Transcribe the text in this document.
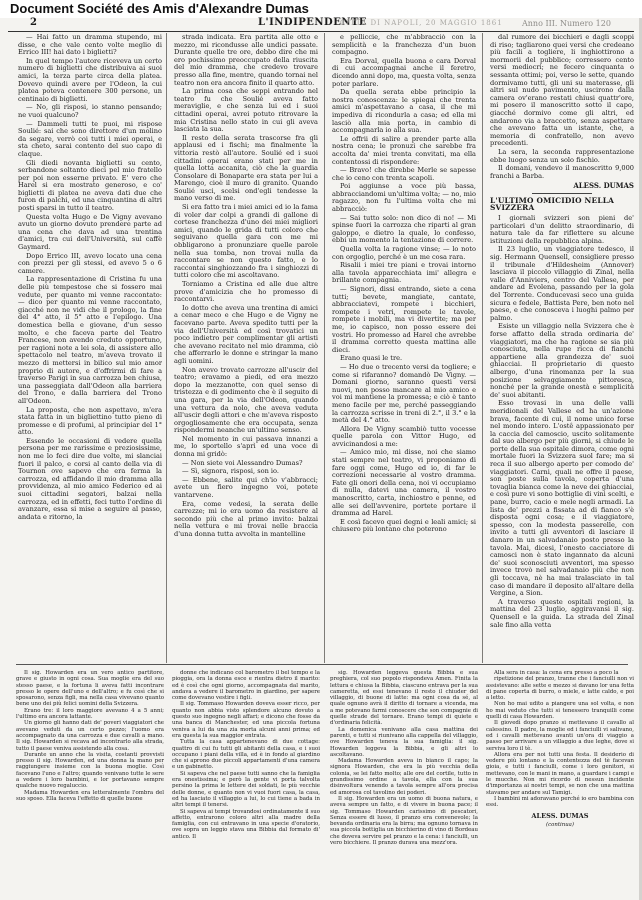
Document Société des Amis d'Alexandre Dumas
2	L'INDIPENDENTE
CITTÀ DI NAPOLI, 20 MAGGIO 1861 Anno III. Numero 120

— Hai fatto un dramma stupendo, mi disse, e che vale cento volte meglio di Errico III! hai dato i biglietti?

In quel tempo l'autore riceveva un certo numero di biglietti che distribuiva ai suoi amici, la terza parte circa della platea. Dovevo quindi avere per l'Odeon, la cui platea poteva contenere 300 persone, un centinaio di biglietti.

— No, gli risposi, io stanno pensando; ne vuoi qualcuno?

— Dammeli tutti te puoi, mi rispose Soulié: sai che sono direttore d'un molino da segare, verrò coi tutti i miei operai, e sta cheto, sarai contento del suo capo di claque.

Gli diedi novanta biglietti su cento, serbandone soltanto dieci pel mio fratello per poi non esserne privato. E' vero che Harel si era mostrato generoso, e co' biglietti di platea ne aveva dati due che furon di palchi, ed una cinquantina di altri posti sparsi in tutto il teatro.

Questa volta Hugo e De Vigny avevano avuto un giorno dovuto prendere parte ad una cena che dava ad una trentina d'amici, tra cui dell'Università, sul caffè Gaymard.

Dopo Errico III, avevo locato una cena con prezzi per gli stessi, ed avevo 5 o 6 camere.

La rappresentazione di Cristina fu una delle più tempestose che si fossero mai vedute, per quanto mi venne raccontato: — dico per quanto mi venne raccontato, giacché non ne vidi che il prologo, la fine del 4° atto, il 5° atto e l'epilogo. Una domestica bella e giovane, d'un sesso molto, e che faceva parte del Teatro Francese, non avendo creduto opportuno, per ragioni note a lei sola, di assistere allo spettacolo nel teatro, m'aveva trovato il mezzo di mettersi in bilico sul mio amor proprio di autore, e d'offrirmi di fare a traverso Parigi in sua carrozza ben chiusa, una passeggiata dall'Odeon alla barriera del Trono, e dalla barriera del Trono all'Odeon.

La proposta, che non aspettavo, m'era stata fatta in un bigliettino tutto pieno di promesse e di profumi, al principiar del 1° atto.

Essendo le occasioni di vedere quella persona per me rarissime e preziosissime, non me lo feci dire due volte, mi slanciai fuori il palco, e corsi al canto della via di Tournon ove sapevo che era ferma la carrozza, ed affidando il mio dramma alla provvidenza, al mio amico Federico ed ai suoi cittadini segatori, balzai nella carrozza, ed in effetti, feci tutto l'ordine di avanzare, essa si mise a seguire al passo, andata e ritorno, la

strada indicata. Era partita alle otto e mezzo, mi ricondusse alle undici passate. Durante quelle tre ore, debbo dire che mi ero pochissimo preoccupato della riuscita del mio dramma, che credevo trovare presso alla fine, mentre, quando tornai nel teatro non era ancora finito il quarto atto.

La prima cosa che seppi entrando nel teatro fu che Soulié aveva fatto meraviglie, e che senza lui ed i suoi cittadini operai, avrei potuto ritrovare la mia Cristina nello stato in cui gli aveva lasciata la sua.

Il resto della serata trascorse fra gli applausi ed i fischi; ma finalmente la vittoria restò all'autore. Soulié ed i suoi cittadini operai erano stati per me in quella lotta accanita, ciò che la guardia Consolare di Bonaparte era stata per lui a Marengo, cioè il muro di granito. Quando Soulié usci, scelsi ond'egli tendesse la mano verso di me.

Si era fatto tra i miei amici ed io la fama di voler dar colpi a grandi di gallone di cortese franchezza d'uno dei miei migliori amici, quando le grida di tutti coloro che seguivano quella gara con me mi obbligarono a pronunziare quelle parole nella sua tomba, non trovai nulla da raccontare se non questo fatto, e lo raccontai singhiozzando fra i singhiozzi di tutti coloro che mi ascoltavano.

Torniamo a Cristina ed alle due altre prove d'amicizia che ho promesso di raccontarvi.

Io dotto che aveva una trentina di amici a cenar meco e che Hugo e de Vigny ne facevano parte. Aveva spedito tutti per la via dell'Università ed così trovatici un poco indietro per complimentar gli artisti che avevano recitato nel mio dramma, ciò che afferrarlo le donne e stringar la mano agli uomini.

Non avevo trovato carrozze all'uscir del teatro; eravamo a piedi, ed era mezzo dopo la mezzanotte, con quel senso di tristezza e di godimento che è il seguito di una gara, per la via dell'Odeon, quando una vettura da nolo, che aveva veduta all'uscir degli attori e che m'aveva risposto orgogliosamente che era occupata, senza rispondermi neanche un'ultimo senso.

Nel momento in cui passava innanzi a me, lo sportello s'aprì ed una voce di donna mi gridò:

— Non siete voi Alessandro Dumas?

— Sì, signora, risposi, son io.

— Ebbene, salite qui ch'io v'abbracci; avete un fiero ingegno voi, potete vantarvene.

Era, come vedesi, la serata delle carrezze; mi io era uomo da resistere al secondo più che al primo invito: balzai nella vettura e mi trovai nelle braccia d'una donna tutta avvolta in mantelline

e pelliccie, che m'abbracciò con la semplicità e la franchezza d'un buon compagno.

Era Dorval, quella buona e cara Dorval di cui accompagnai anche il feretro, dicendo anni dopo, ma, questa volta, senza poter parlare.

Da quella serata ebbe principio la nostra conoscenza: le spiegai che trenta amici m'aspettavano a casa, il che mi impediva di ricondurla a casa; ed ella mi lasciò alla mia porta, in cambio di accompagnarla io alla sua.

Le offrii di salire a prender parte alla nostra cena; le pronuzi che sarebbe fra accolta da' miei trenta convitati, ma ella contentossi di rispondere:

— Bravo! che direbbe Merle se sapesse che io ceno con trenta scapoli.

Poi aggiunse a voce più bassa, abbracciandomi un'ultima volta; — no, mio ragazzo, non fu l'ultima volta che mi abbracciò:

— Sai tutto solo: non dico di no! — Mi spinse fuori la carrozza che riparti al gran galoppo, e dietro la quale, lo confesso, ebbi un momento la tentazione di correre.

Quella volta la ragione vinse; — lo noto con orgoglio, perché è un me cosa rara.

Risalii i miei tre piani e trovai intorno alla tavola apparecchiata imi' allegra e brillante compagnia.

— Signori, dissi entrando, siete a cena tutti; bevete, mangiate, cantate, abbracciatevi, rompete i bicchieri, rompete i vetri, rompete le tavole, rompete i mobili, ma vi divertite; ma per me, io capisco, non posso essere dei vostri. Ho promesso ad Harel che avrebbe il dramma corretto questa mattina alle dieci.

Erano quasi le tre.

— Ho due o trecento versi da togliere; e come si rifaranno? domandò De Vigny. — Domani giorno, saranno questi versi nuovi, non posso mancare al mio amico e voi mi mantiene la promessa; e ciò è tanto meno facile per me, perché passeggiando la carrozza scrisse in treni di 2.°, il 3.° e la metà del 4.° atto.

Allora De Vigny scambiò tutto vocesse quelle parola con Vittor Hugo, ed avvicinandosi a me:

— Amico mio, mi disse, noi che siamo stati sempre nel teatro, vi proponiamo di fare oggi come, Hugo ed io, di far le correzioni necessarie al vostro dramma. Fate gli onori della cena, noi vi occupiamo di nulla, datevi una camera, il vostro manoscritto, carta, inchiostro e penne, ed alle sei dell'avvenire, portete portare il dramma ad Harel.

E così facevo quei degni e leali amici; si chiusero più lontano che poterono

dal rumore dei bicchieri e dagli scoppi di riso; tagliarono quei versi che credeano più facili a togliere, li inghiottirono a mormorii del pubblico; corressero cento versi mediocri; ne fecero cinquanta o sessanta ottimi; poi, verso le sette, quando dormivamo tutti, gli uni su materasse, gli altri sul nudo pavimento, uscirono dalla camera ov'erano restati chiusi quattr'ore, mi posero il manoscritto sotto il capo, giacché dormivo come gli altri, ed andarono via a braccetto, senza aspettare che avevano fatta un istante, che, a memoria di confratello, non avevo precedenti.

La sera, la seconda rappresentazione ebbe luogo senza un solo fischio.

Il domani, vendevo il manoscritto 9,000 franchi a Barba.

ALESS. DUMAS

L'ULTIMO OMICIDIO NELLA SVIZZERA

I giornali svizzeri son pieni de' particolari d'un delitto straordinario, di natura tale da far riflettere su alcune istituzioni della repubblica alpina.

Il 23 luglio, un viaggiatore tedesco, il sig. Hermann Quensell, consigliere presso il tribunale d'Hildesheim (Annover) lasciava il piccolo villaggio di Zinal, nella valle d'Anniviers, centro del Vallese, per andare ad Evolena, passando per la gola del Torrente. Conducevasi seco una guida sicura e fedele, Battista Pere, ben noto nel paese, e che conosceva i luoghi palmo per palmo.

Esiste un villaggio nella Svizzera che è forse affatto della strada ordinaria de' viaggiatori, ma che ha ragione se sia più conosciuta, nella rupe ricca di fianchi appartiene alla grandezza de' suoi ghiacciai. Il proprietario di questo albergo, d'una rinomanza per la sua posizione selvaggiamente pittoresca, nonché per la grande onestà e semplicità de' suoi abitanti.

Esso trovasi in una delle valli meridionali del Vallese ed ha un'azione brava, facente di cui, il nome unico forse nel mondo intero. L'ostê appassionato per la caccia del camoscio, uscito solitamente dal suo albergo per più giorni, si chiude le porte della sua ospitale dimora, come ogni mortale fuori la Svizzera suol fare; ma si reca il suo albergo aperto per comodo de' viaggiatori. Carni, quali ne offre il paese, son poste sulla tavola, coperta d'una tovaglia bianca come la neve dei ghiacciai, e così pure vi sono bottiglie di vini scelti, e pane, burro, cacio e mele negli armadi. La lista de' prezzi a fissata ad di fianco s'è disposta ogni cosa; e il viaggiatore, spesso, con la modesta passerelle, con invito a tutti gli avventori di lasciare il danaro in un salvadanaio posto presso la tavola. Mai, dicesi, l'onesto cacciatore di camosci non è stato ingannato da alcuni de' suoi sconosciuti avventori, ma spesso invece trovò nel salvadanaio più che non gli toccava, nè ha mai tralasciato in tal caso di mandare il deposito all'altare della Vergine, a Sion.

A traverso queste ospitali regioni, la mattina del 23 luglio, aggiravansi il sig. Quensell e la guida. La strada del Zinal sale fino alla vetta

Il sig. Howarden era un vero antico partitore, grave e giusto in ogni cosa. Sua moglie era del suo stesso paese, e la fortuna li aveva fatti incontrare presso le opere dell'uno e dell'altro; e fu così che si sposarono, senza figli, ma nella casa vivevano quanto bene uno dei più felici uomini della Svizzera.

Erano tre: il loro maggiore avevano 4 a 5 anni; l'ultimo era ancora lattante.

Un giorno gli hanno dati de' poveri viaggiatori che avevano veduti da un certo pezzo; l'uomo era accompagnato da una carrozza e due cavalli a mano. Il sig. Howarden si recava ad incontrarlo alla strada, tutto il paese veniva assistendo alla cosa.

Durante un anno che la visita, costanti provvisti presso il sig. Howarden, ed una donna la mano per raggiungere insieme con la buona moglie. Così facevano l'uno e l'altro; quando venivano tutte le sere a vedere i loro bambini, e lor portavano sempre qualche nuovo regaluccio.

Madama Howarden era letteralmente l'ombra del suo sposo. Ella faceva l'effetto di quelle buone

donne che indicano col barometro il bel tempo e la pioggia, ora la donna esce e rientra dietro il marito: ed è così che ogni giorno, accompagnata dal marito, andava a vedere il barometro in giardino, per sapere come dovevano vestire i figli.

Il sig. Tommaso Howarden doveva esser ricco, per quanto non abbia visto splendore alcuno dovuto a questo suo ingegno negli affari; e dicono che fosse da una banca di Manchester, ed una piccola fortuna veniva a lui da una zia morta alcuni anni prima; ed era questa la sua maggior entrata.

Tutta la casa appartenevano di due cottage: quattro di cui fu tutti gli abitanti della casa, e i suoi occupano i piani della villa, ed è in fondo al giardino che si aprono due piccoli appartamenti d'una camera e un gabinetto.

Si sapeva che nel paese tutti sanno che la famiglia era onestissima; e però la gente vi porta talvolta persino la prima le lettere dei soldati, le più vecchie delle donne, e quanto non vi vuoi fuori casa, la casa, ed ha lasciato il villaggio a lui, lo cui tiene a bada in altri tempi il tenersi.

Si sapeva ai tempi trovandosi ordinatamente il suo affetto, entrarono coloro altri alla madre della famiglia, con cui entravano in una specie d'oratorio, ove sopra un leggio stava una Bibbia dal formato di' antico. Il

sig. Howarden leggeva questa Bibbia e sua preghiera, col suo popolo rispondeva Amen. Finita la lettura e chiusa la Bibbia, ciascuno entrava per la sua cameretta, ed essi tenevano il resto il chiuder del villaggio, di buone di latte: ma ogni cosa da sé, al quale ognuno avrà il diritto di tornare a vicenda, ma a me potevano farmi conoscere che son compagnie di quelle strade del tornare. Erano tempi di quiete e d'ordinaria felicità.

La domenica venivano alla casa mattina dei parenti, e tutti si riunivano alla cappella del villaggio, ove Howarden teneva la sua famiglia: il sig. Howarden leggeva la Bibbia, e gli altri lo ascoltavano.

Madama Howarden aveva in bianco il capo; la signora Howarden, che era la più vecchia della colonia, se lei fatto molto; alle ore del cortile, tutto in grandissimo ordine a tavola, ella con la sua disinvoltura venendo a tavola sempre all'ora precisa ed amorosa col tavolino dei poderi.

Il sig. Howarden era un uomo di buona natura, e aveva sempre un fatto, e di vivere in buona pace; il sig. Tommaso Howarden carissimo di pescatori, Senza essere di lusso, il pranzo era convenevole; la bevanda ordinaria era la birra; ma ognuno tornava in sua piccola bottiglia un bicchierino di vino di Bordeau che doveva servire pel pranzo e la cena: i fanciulli, un vero bicchiere. Il pranzo durava una mezz'ora.

Alla sera in casa: la cena era presso a poco la

ripetizione del pranzo, tranne che i fanciulli non vi assistevano: alle sette e mezzo si davano lor una fetta di pane coperta di burro, o miele, e latte caldo, e poi a letto.

Non ho mai udito a piangere una sol volta, e non ho mai veduto che tutti si tenessero tranquilli come quelli di casa Howarden.

Il giovedì dopo pranzo si mettevano il cavallo al calessino. Il padre, la moglie ed i fanciulli vi salivano, ed i cavalli mettevano avanti un'ora di viaggio a passo per arrivare a un villaggio a due leghe, dove si serviva loro il tè.

Allora era per noi tutti una festa. Il desiderio di vedere più lontano e la contentezza del tè facevan gioia, e tutti i fanciulli, come i loro genitori, si mettevano, con le mani in mano, a guardare i campi e le mucche. Non mi ricordo di nessun incidente d'importanza ai nostri tempi, se non che una mattina stavamo per andare sul Tamigi.

I bambini mi adoravano perché io ero bambina con essi.

ALESS. DUMAS

(continua)
